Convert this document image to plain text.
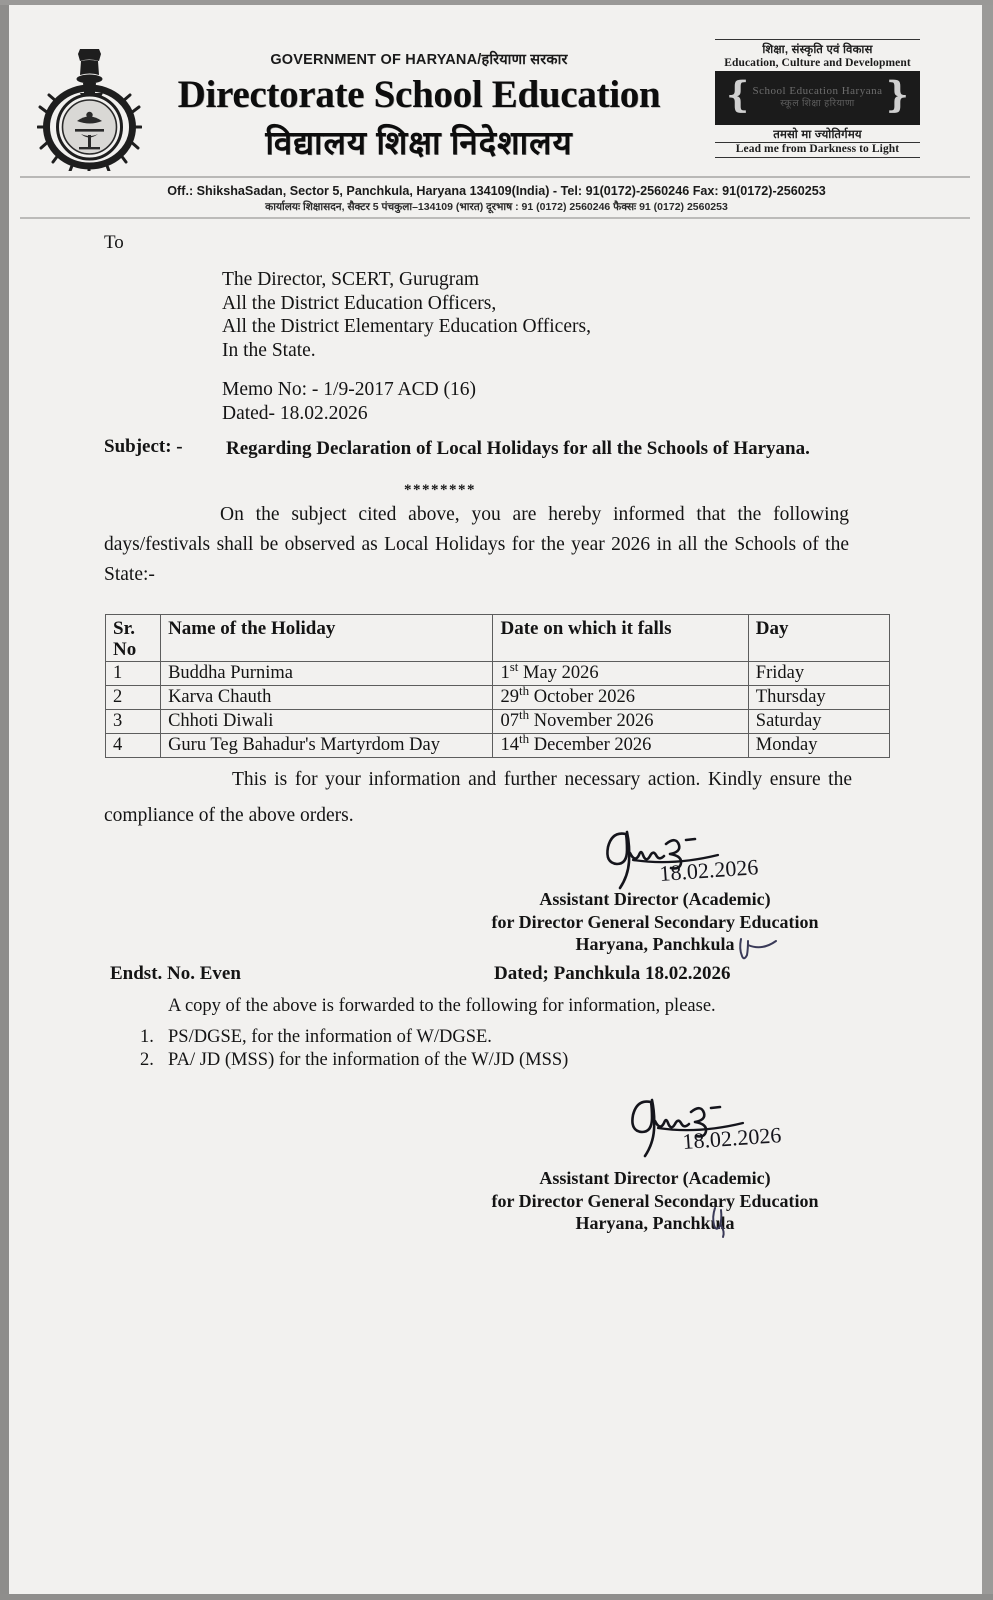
GOVERNMENT OF HARYANA/हरियाणा सरकार
Directorate School Education
विद्यालय शिक्षा निदेशालय
शिक्षा, संस्कृति एवं विकास
Education, Culture and Development
❴ School Education Haryana
स्कूल शिक्षा हरियाणा ❵
तमसो मा ज्योतिर्गमय
Lead me from Darkness to Light
Off.: ShikshaSadan, Sector 5, Panchkula, Haryana 134109(India) - Tel: 91(0172)-2560246 Fax: 91(0172)-2560253
कार्यालयः शिक्षासदन, सैक्टर 5 पंचकुला–134109 (भारत) दूरभाष : 91 (0172) 2560246 फैक्सः 91 (0172) 2560253
To
The Director, SCERT, Gurugram
All the District Education Officers,
All the District Elementary Education Officers,
In the State.
Memo No: - 1/9-2017 ACD (16)
Dated- 18.02.2026
Subject: - Regarding Declaration of Local Holidays for all the Schools of Haryana.
********
On the subject cited above, you are hereby informed that the following days/festivals shall be observed as Local Holidays for the year 2026 in all the Schools of the State:-
Sr.
No	Name of the Holiday	Date on which it falls	Day
1	Buddha Purnima	1st May 2026	Friday
2	Karva Chauth	29th October 2026	Thursday
3	Chhoti Diwali	07th November 2026	Saturday
4	Guru Teg Bahadur's Martyrdom Day	14th December 2026	Monday
This is for your information and further necessary action. Kindly ensure the compliance of the above orders.
18.02.2026
Assistant Director (Academic)
for Director General Secondary Education
Haryana, Panchkula
Endst. No. Even	Dated; Panchkula 18.02.2026
A copy of the above is forwarded to the following for information, please.
1. PS/DGSE, for the information of W/DGSE.
2. PA/ JD (MSS) for the information of the W/JD (MSS)
18.02.2026
Assistant Director (Academic)
for Director General Secondary Education
Haryana, Panchkula
